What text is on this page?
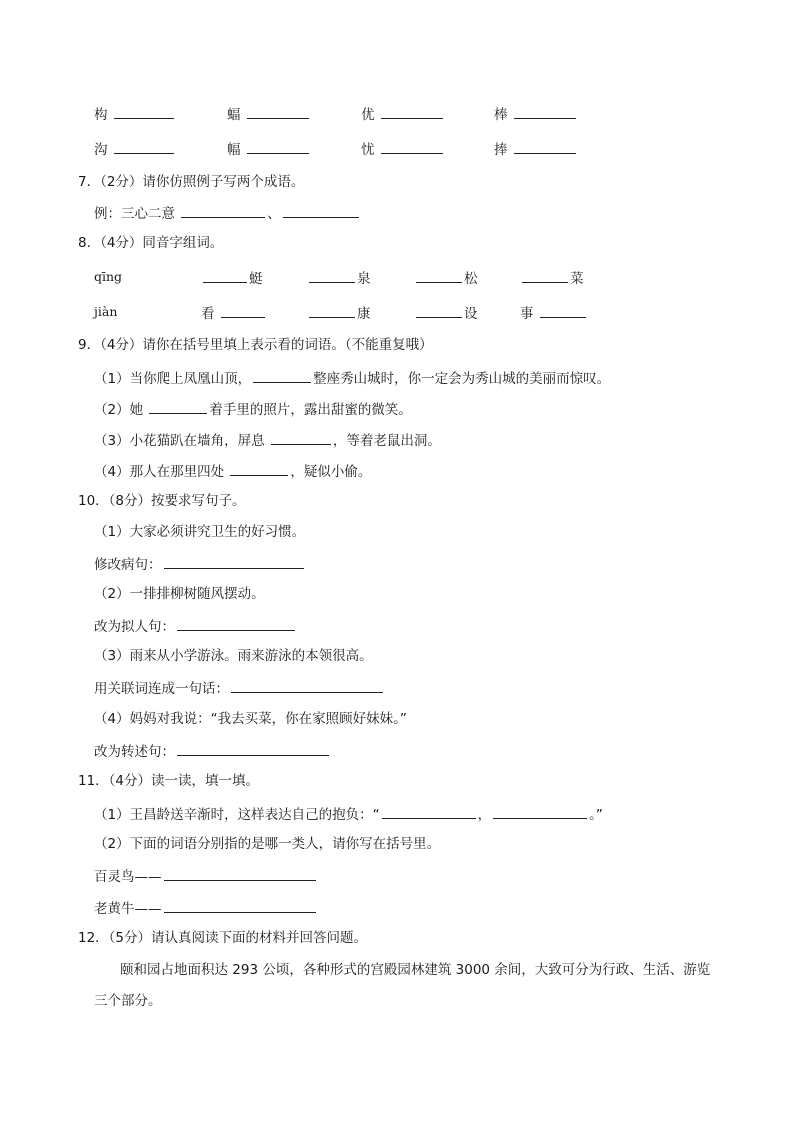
构	蝠	优	棒
沟	幅	忧	捧
7．（2分）请你仿照例子写两个成语。
例：三心二意	、
8．（4分）同音字组词。
qīng	蜓	泉	松	菜
jiàn	看	康	设	事
9．（4分）请你在括号里填上表示看的词语。（不能重复哦）
（1）当你爬上凤凰山顶，	整座秀山城时，你一定会为秀山城的美丽而惊叹。
（2）她	着手里的照片，露出甜蜜的微笑。
（3）小花猫趴在墙角，屏息	，等着老鼠出洞。
（4）那人在那里四处	，疑似小偷。
10．（8分）按要求写句子。
（1）大家必须讲究卫生的好习惯。
修改病句：
（2）一排排柳树随风摆动。
改为拟人句：
（3）雨来从小学游泳。雨来游泳的本领很高。
用关联词连成一句话：
（4）妈妈对我说：“我去买菜，你在家照顾好妹妹。”
改为转述句：
11．（4分）读一读，填一填。
（1）王昌龄送辛渐时，这样表达自己的抱负：“	，	。”
（2）下面的词语分别指的是哪一类人，请你写在括号里。
百灵鸟——
老黄牛——
12．（5分）请认真阅读下面的材料并回答问题。
颐和园占地面积达 293 公顷，各种形式的宫殿园林建筑 3000 余间，大致可分为行政、生活、游览
三个部分。
